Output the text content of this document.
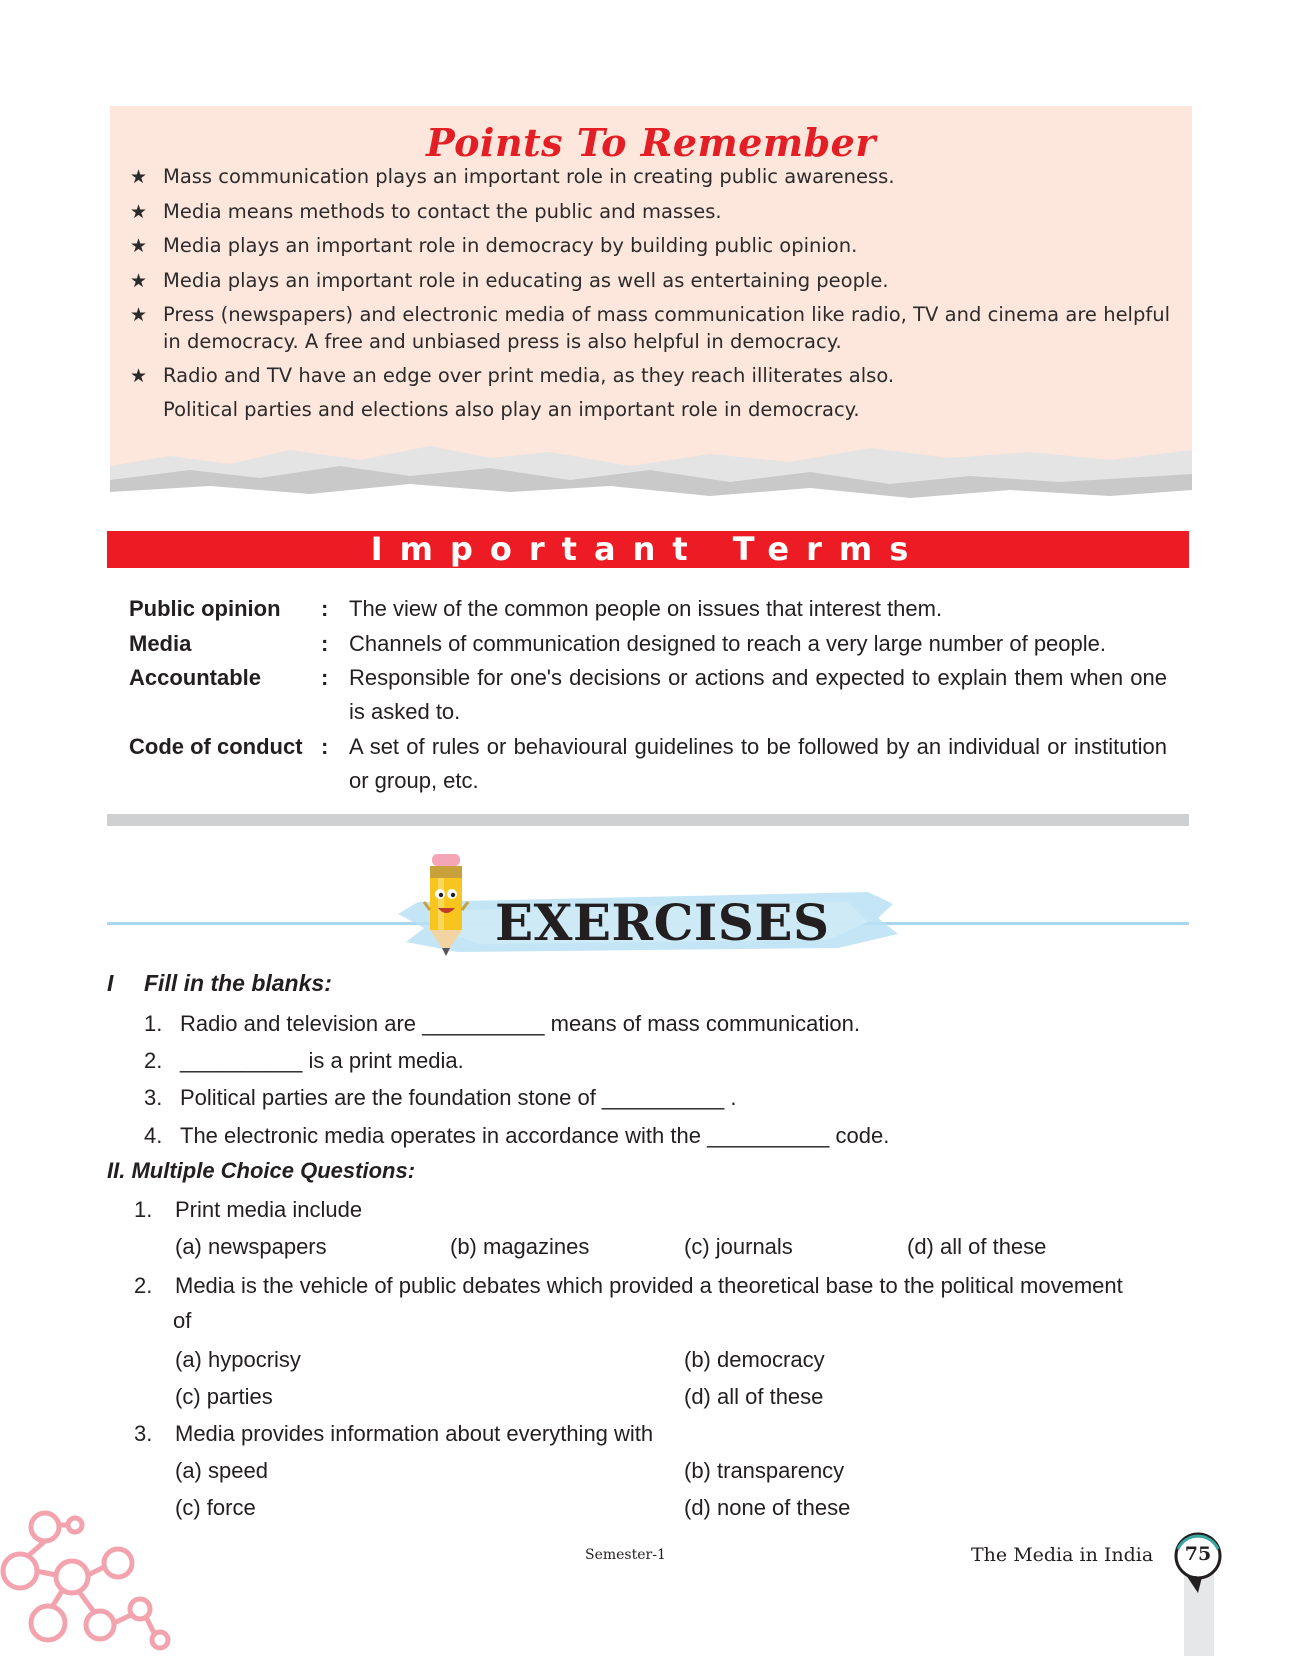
Points To Remember
★ Mass communication plays an important role in creating public awareness.
★ Media means methods to contact the public and masses.
★ Media plays an important role in democracy by building public opinion.
★ Media plays an important role in educating as well as entertaining people.
★ Press (newspapers) and electronic media of mass communication like radio, TV and cinema are helpful in democracy. A free and unbiased press is also helpful in democracy.
★ Radio and TV have an edge over print media, as they reach illiterates also.
Political parties and elections also play an important role in democracy.
Important Terms
Public opinion : The view of the common people on issues that interest them.
Media	: Channels of communication designed to reach a very large number of people.
Accountable	: Responsible for one's decisions or actions and expected to explain them when one is asked to.
Code of conduct : A set of rules or behavioural guidelines to be followed by an individual or institution or group, etc.
EXERCISES
I Fill in the blanks:
1. Radio and television are __________ means of mass communication.
2. __________ is a print media.
3. Political parties are the foundation stone of __________ .
4. The electronic media operates in accordance with the __________ code.
II. Multiple Choice Questions:
1. Print media include
(a) newspapers	(b) magazines	(c) journals	(d) all of these
2. Media is the vehicle of public debates which provided a theoretical base to the political movement
of
(a) hypocrisy	(b) democracy
(c) parties	(d) all of these
3. Media provides information about everything with
(a) speed	(b) transparency
(c) force	(d) none of these
Semester-1	The Media in India	75
